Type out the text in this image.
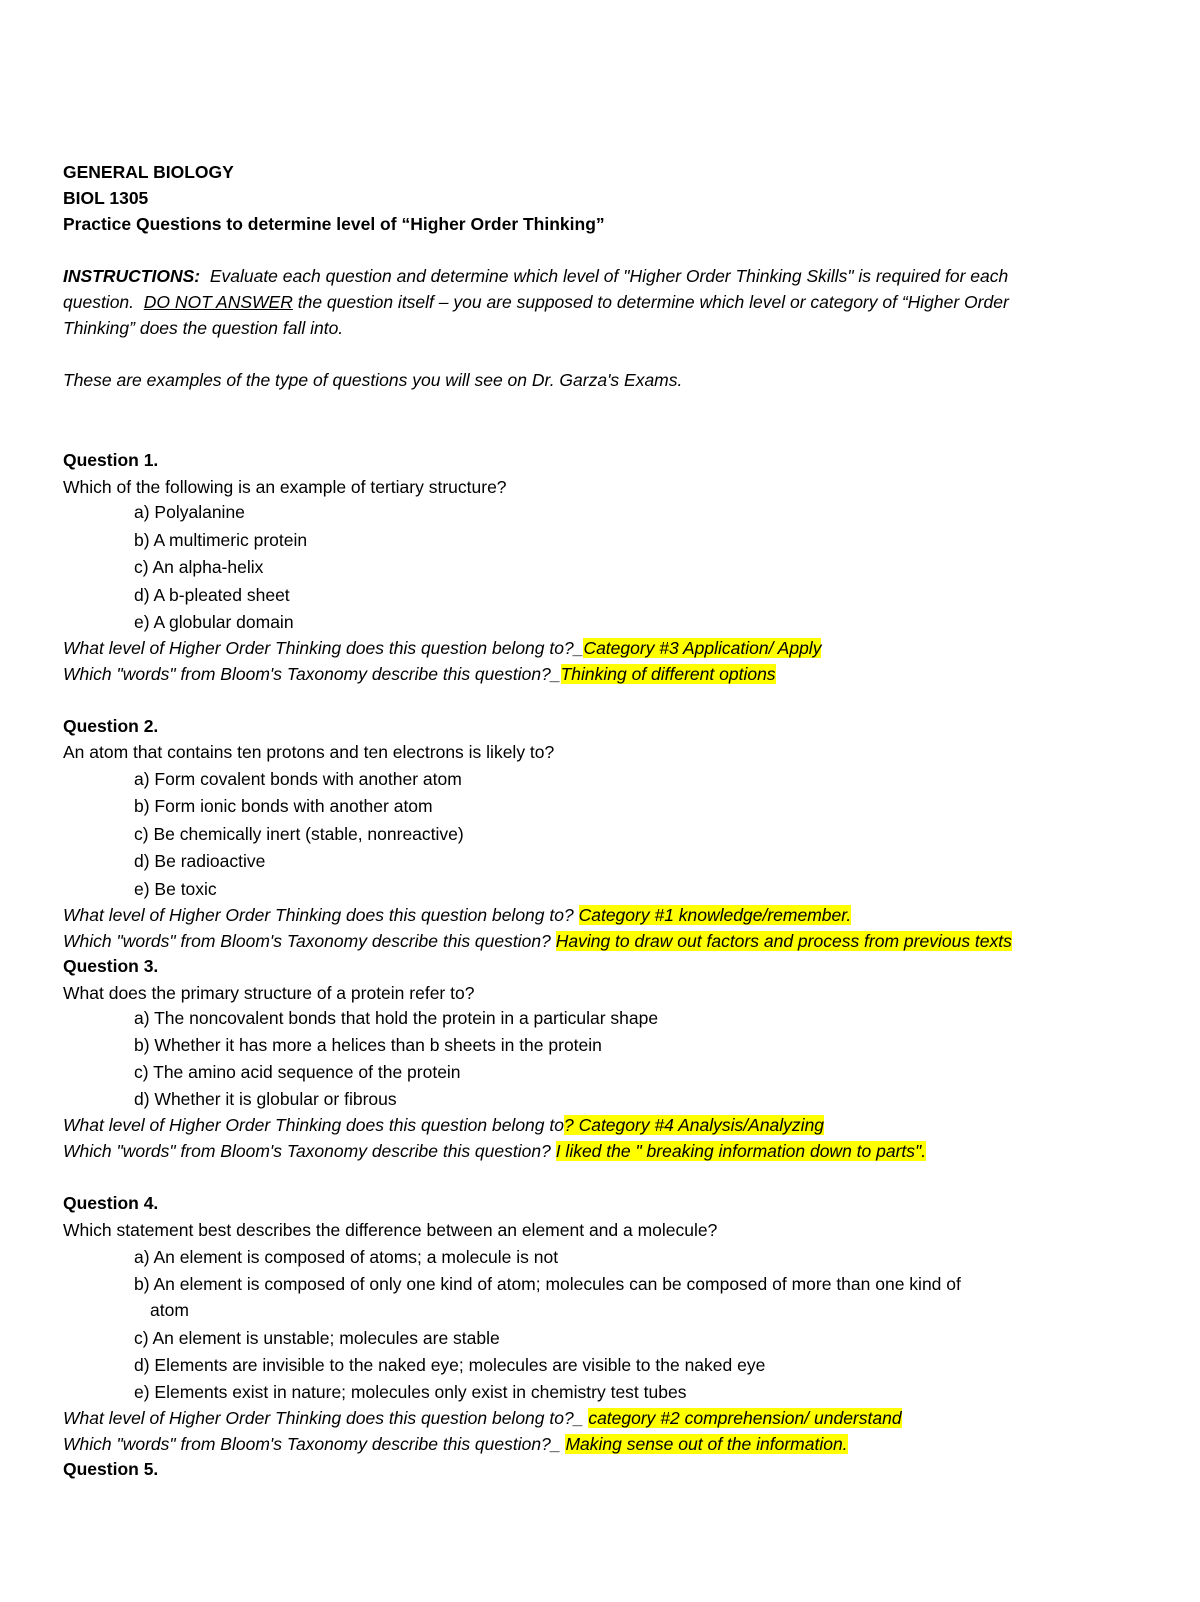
GENERAL BIOLOGY
BIOL 1305
Practice Questions to determine level of “Higher Order Thinking”
INSTRUCTIONS: Evaluate each question and determine which level of "Higher Order Thinking Skills" is required for each
question. DO NOT ANSWER the question itself – you are supposed to determine which level or category of “Higher Order
Thinking” does the question fall into.
These are examples of the type of questions you will see on Dr. Garza's Exams.
Question 1.
Which of the following is an example of tertiary structure?
a) Polyalanine
b) A multimeric protein
c) An alpha-helix
d) A b-pleated sheet
e) A globular domain
What level of Higher Order Thinking does this question belong to?_Category #3 Application/ Apply
Which "words" from Bloom's Taxonomy describe this question?_Thinking of different options
Question 2.
An atom that contains ten protons and ten electrons is likely to?
a) Form covalent bonds with another atom
b) Form ionic bonds with another atom
c) Be chemically inert (stable, nonreactive)
d) Be radioactive
e) Be toxic
What level of Higher Order Thinking does this question belong to? Category #1 knowledge/remember.
Which "words" from Bloom's Taxonomy describe this question? Having to draw out factors and process from previous texts
Question 3.
What does the primary structure of a protein refer to?
a) The noncovalent bonds that hold the protein in a particular shape
b) Whether it has more a helices than b sheets in the protein
c) The amino acid sequence of the protein
d) Whether it is globular or fibrous
What level of Higher Order Thinking does this question belong to? Category #4 Analysis/Analyzing
Which "words" from Bloom's Taxonomy describe this question? I liked the " breaking information down to parts".
Question 4.
Which statement best describes the difference between an element and a molecule?
a) An element is composed of atoms; a molecule is not
b) An element is composed of only one kind of atom; molecules can be composed of more than one kind of
atom
c) An element is unstable; molecules are stable
d) Elements are invisible to the naked eye; molecules are visible to the naked eye
e) Elements exist in nature; molecules only exist in chemistry test tubes
What level of Higher Order Thinking does this question belong to?_ category #2 comprehension/ understand
Which "words" from Bloom's Taxonomy describe this question?_ Making sense out of the information.
Question 5.
